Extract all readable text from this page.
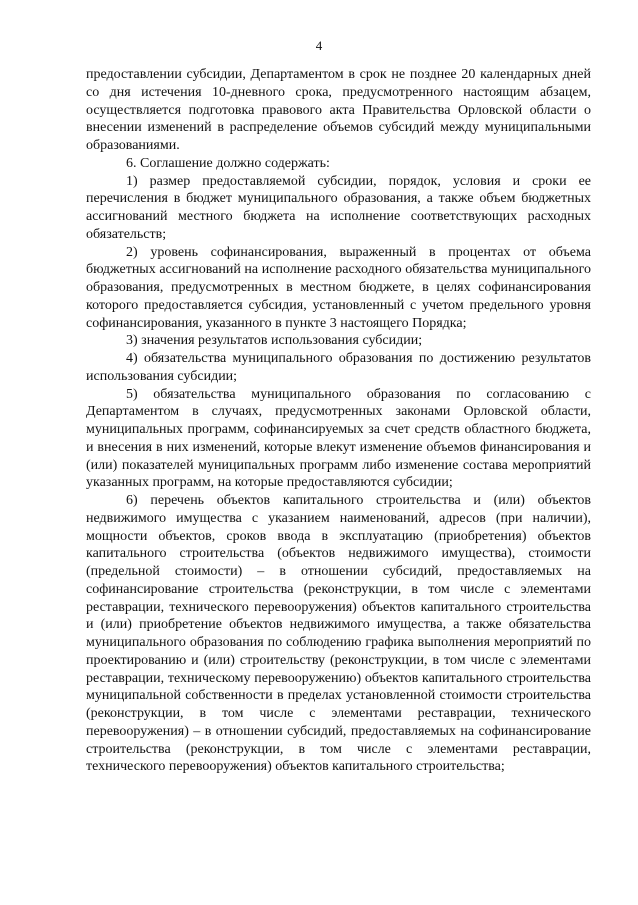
4

предоставлении субсидии, Департаментом в срок не позднее 20 календарных дней со дня истечения 10-дневного срока, предусмотренного настоящим абзацем, осуществляется подготовка правового акта Правительства Орловской области о внесении изменений в распределение объемов субсидий между муниципальными образованиями.

6. Соглашение должно содержать:

1) размер предоставляемой субсидии, порядок, условия и сроки ее перечисления в бюджет муниципального образования, а также объем бюджетных ассигнований местного бюджета на исполнение соответствующих расходных обязательств;

2) уровень софинансирования, выраженный в процентах от объема бюджетных ассигнований на исполнение расходного обязательства муниципального образования, предусмотренных в местном бюджете, в целях софинансирования которого предоставляется субсидия, установленный с учетом предельного уровня софинансирования, указанного в пункте 3 настоящего Порядка;

3) значения результатов использования субсидии;

4) обязательства муниципального образования по достижению результатов использования субсидии;

5) обязательства муниципального образования по согласованию с Департаментом в случаях, предусмотренных законами Орловской области, муниципальных программ, софинансируемых за счет средств областного бюджета, и внесения в них изменений, которые влекут изменение объемов финансирования и (или) показателей муниципальных программ либо изменение состава мероприятий указанных программ, на которые предоставляются субсидии;

6) перечень объектов капитального строительства и (или) объектов недвижимого имущества с указанием наименований, адресов (при наличии), мощности объектов, сроков ввода в эксплуатацию (приобретения) объектов капитального строительства (объектов недвижимого имущества), стоимости (предельной стоимости) – в отношении субсидий, предоставляемых на софинансирование строительства (реконструкции, в том числе с элементами реставрации, технического перевооружения) объектов капитального строительства и (или) приобретение объектов недвижимого имущества, а также обязательства муниципального образования по соблюдению графика выполнения мероприятий по проектированию и (или) строительству (реконструкции, в том числе с элементами реставрации, техническому перевооружению) объектов капитального строительства муниципальной собственности в пределах установленной стоимости строительства (реконструкции, в том числе с элементами реставрации, технического перевооружения) – в отношении субсидий, предоставляемых на софинансирование строительства (реконструкции, в том числе с элементами реставрации, технического перевооружения) объектов капитального строительства;
